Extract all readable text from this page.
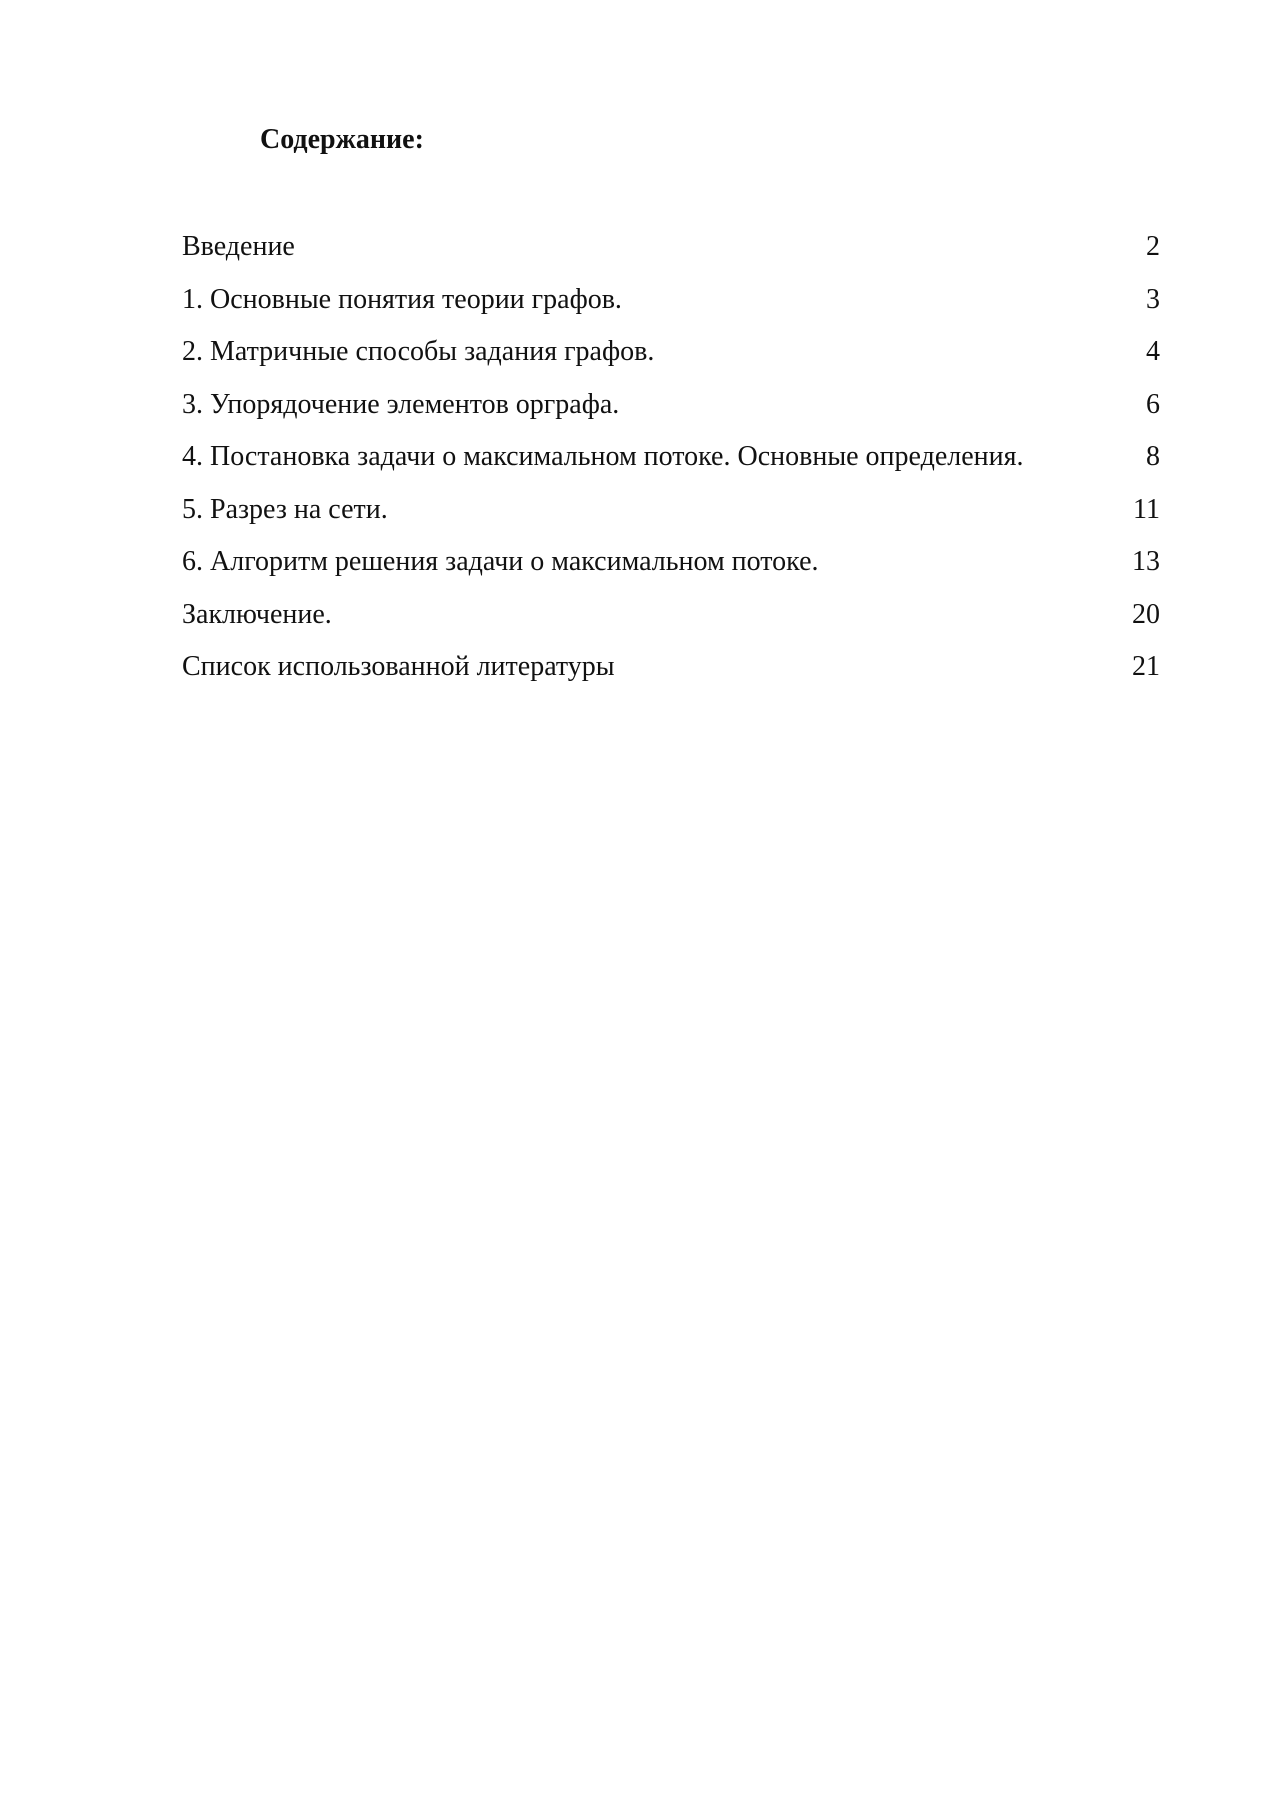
Содержание:
Введение	2
1. Основные понятия теории графов.	3
2. Матричные способы задания графов.	4
3. Упорядочение элементов орграфа.	6
4. Постановка задачи о максимальном потоке. Основные определения.	8
5. Разрез на сети.	11
6. Алгоритм решения задачи о максимальном потоке.	13
Заключение.	20
Список использованной литературы	21
